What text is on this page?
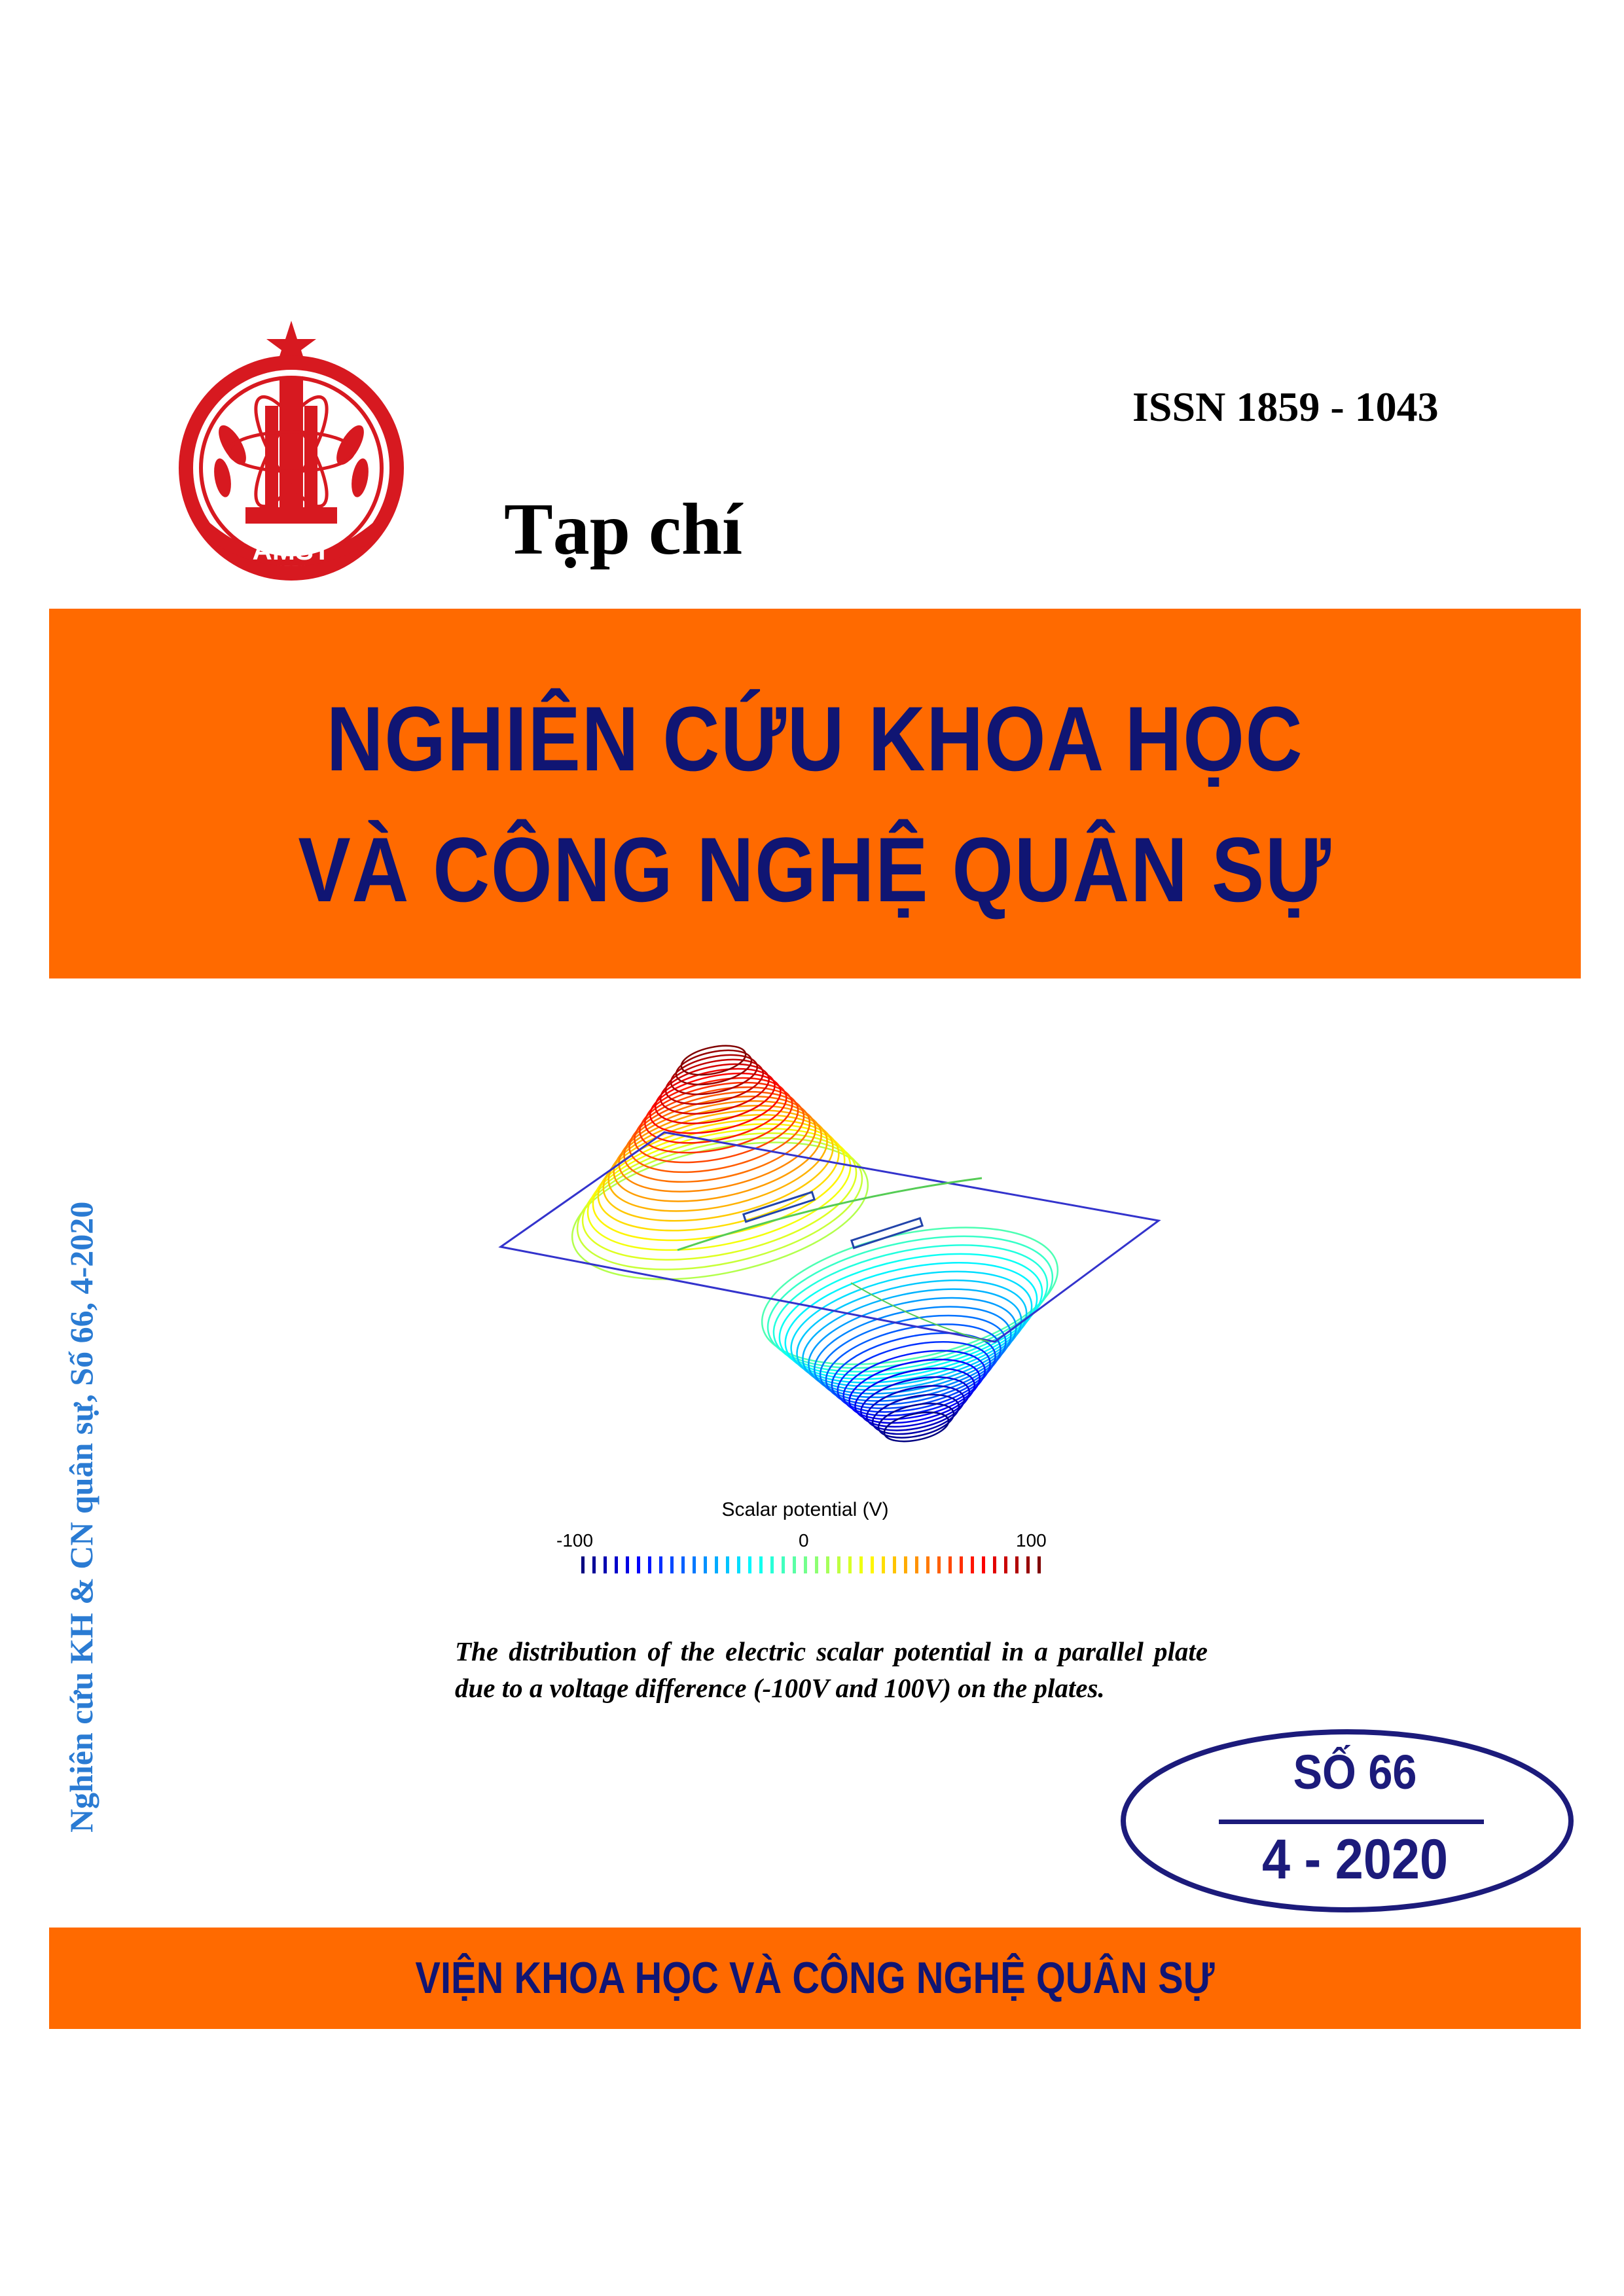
AMST
ISSN 1859 - 1043
Tạp chí
NGHIÊN CỨU KHOA HỌC
VÀ CÔNG NGHỆ QUÂN SỰ
Nghiên cứu KH & CN quân sự, Số 66, 4-2020	Scalar potential (V)
-100	0	100
The distribution of the electric scalar potential in a parallel plate due to a voltage difference (-100V and 100V) on the plates.
SỐ 66
4 - 2020
VIỆN KHOA HỌC VÀ CÔNG NGHỆ QUÂN SỰ
